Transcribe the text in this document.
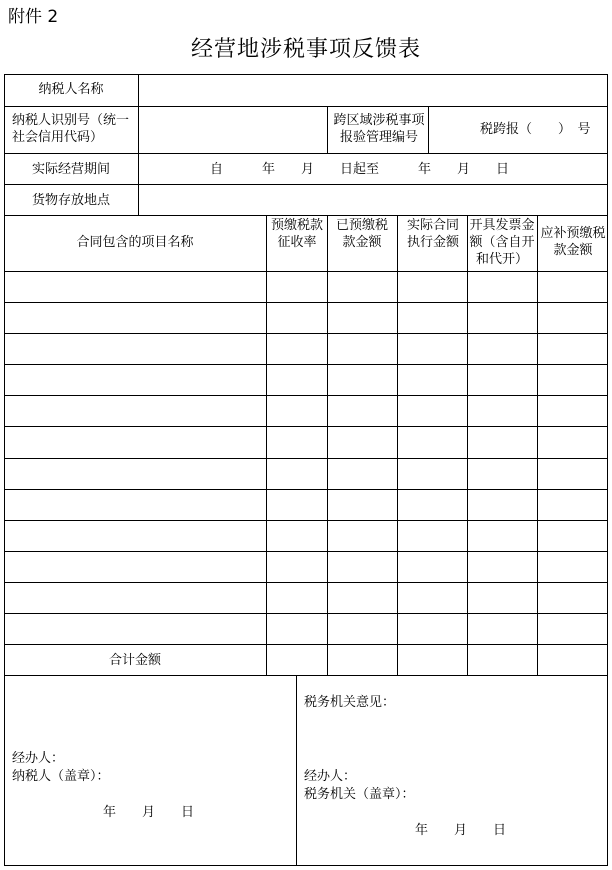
附件 2
经营地涉税事项反馈表
纳税人名称
纳税人识别号（统一社会信用代码）
跨区域涉税事项报验管理编号
税跨报（　　）　号
实际经营期间	自　　　年　　月　　日起至　　　年　　月　　日
货物存放地点
合同包含的项目名称
预缴税款征收率
已预缴税款金额
实际合同执行金额
开具发票金额（含自开和代开）
应补预缴税款金额
合计金额
经办人：
纳税人（盖章）：
年　　月　　日
税务机关意见：
经办人：
税务机关（盖章）：
年　　月　　日
